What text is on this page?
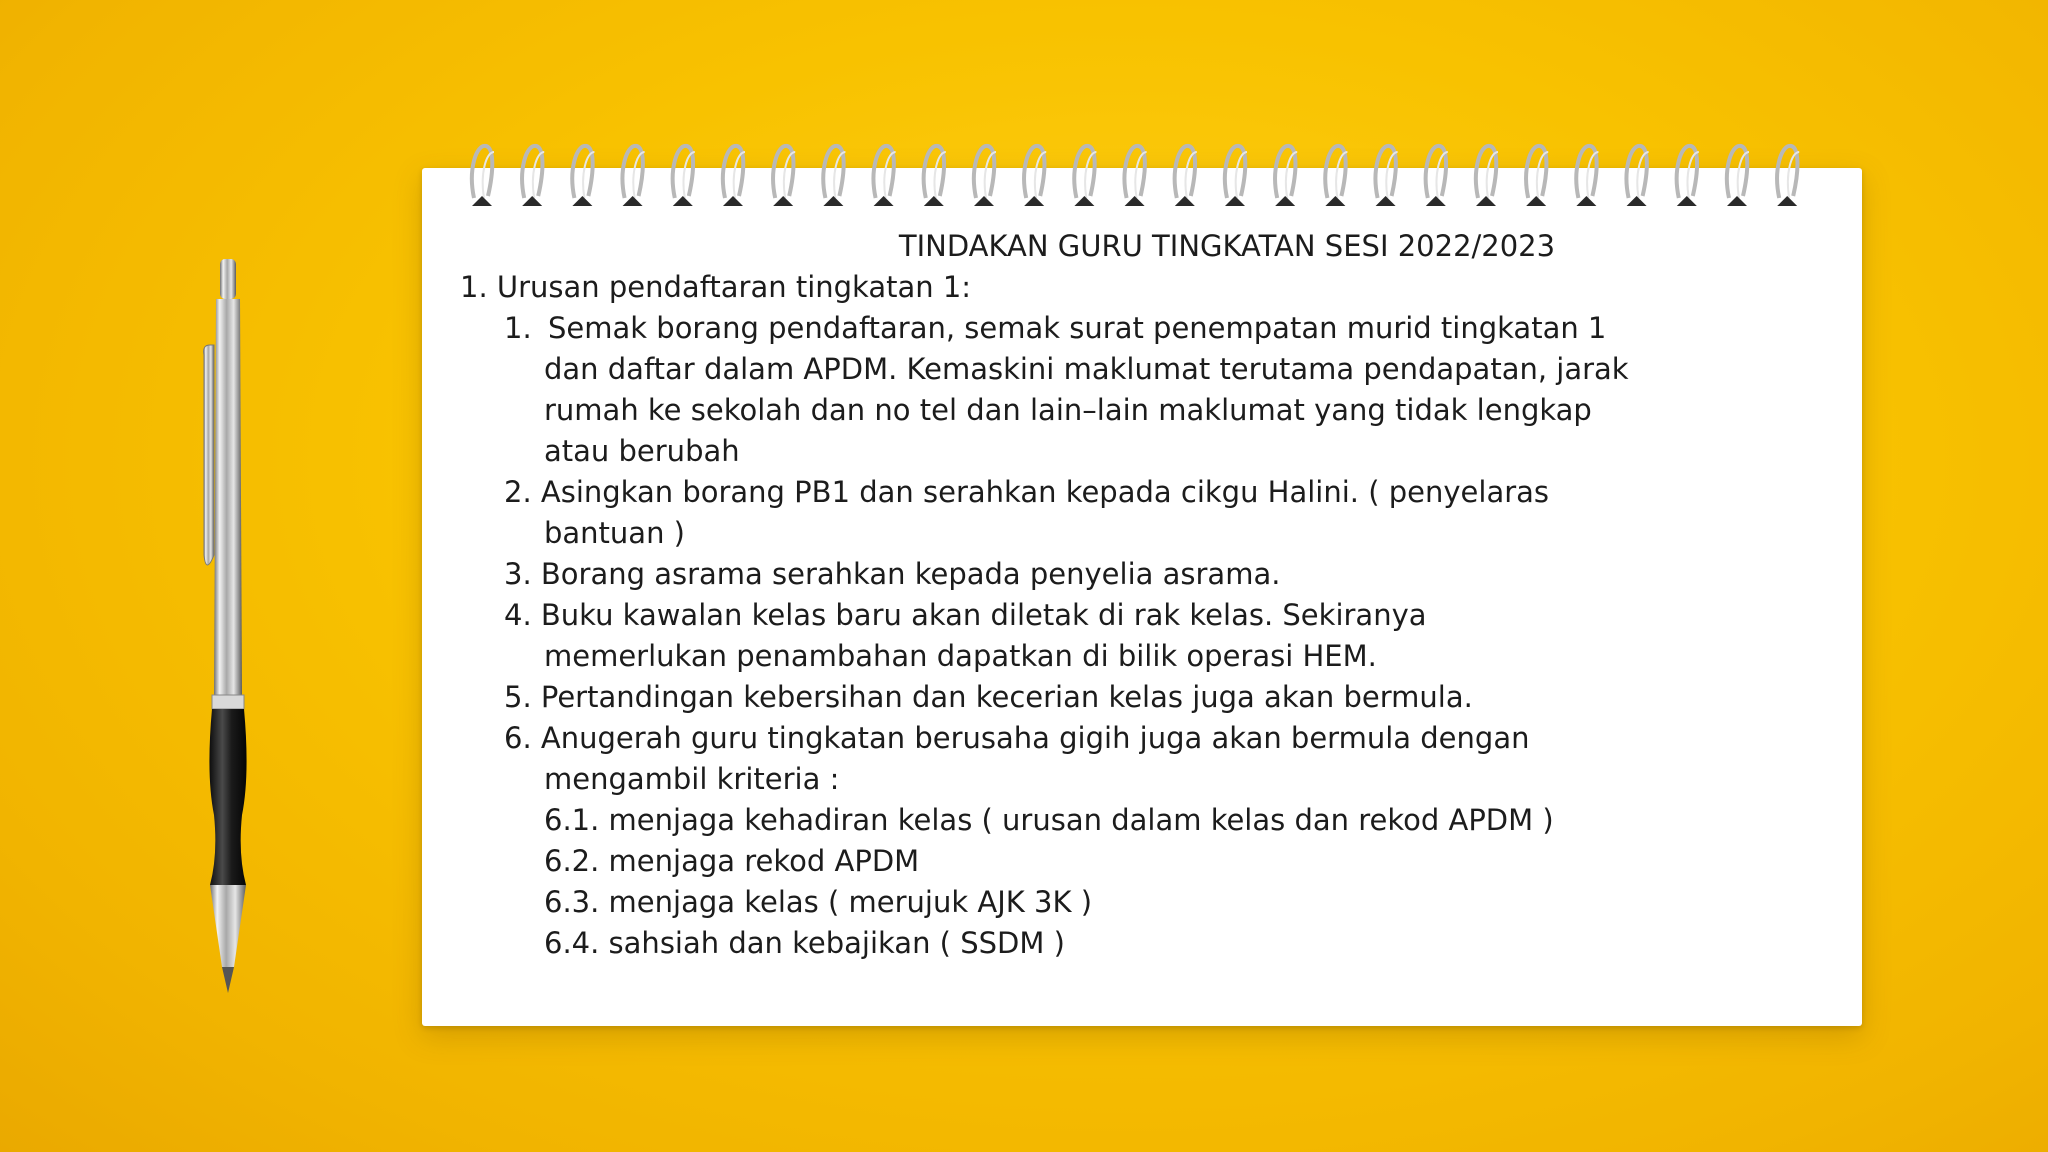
TINDAKAN GURU TINGKATAN SESI 2022/2023
1. Urusan pendaftaran tingkatan 1:
1. Semak borang pendaftaran, semak surat penempatan murid tingkatan 1
dan daftar dalam APDM. Kemaskini maklumat terutama pendapatan, jarak
rumah ke sekolah dan no tel dan lain–lain maklumat yang tidak lengkap
atau berubah
2. Asingkan borang PB1 dan serahkan kepada cikgu Halini. ( penyelaras
bantuan )
3. Borang asrama serahkan kepada penyelia asrama.
4. Buku kawalan kelas baru akan diletak di rak kelas. Sekiranya
memerlukan penambahan dapatkan di bilik operasi HEM.
5. Pertandingan kebersihan dan kecerian kelas juga akan bermula.
6. Anugerah guru tingkatan berusaha gigih juga akan bermula dengan
mengambil kriteria :
6.1. menjaga kehadiran kelas ( urusan dalam kelas dan rekod APDM )
6.2. menjaga rekod APDM
6.3. menjaga kelas ( merujuk AJK 3K )
6.4. sahsiah dan kebajikan ( SSDM )
